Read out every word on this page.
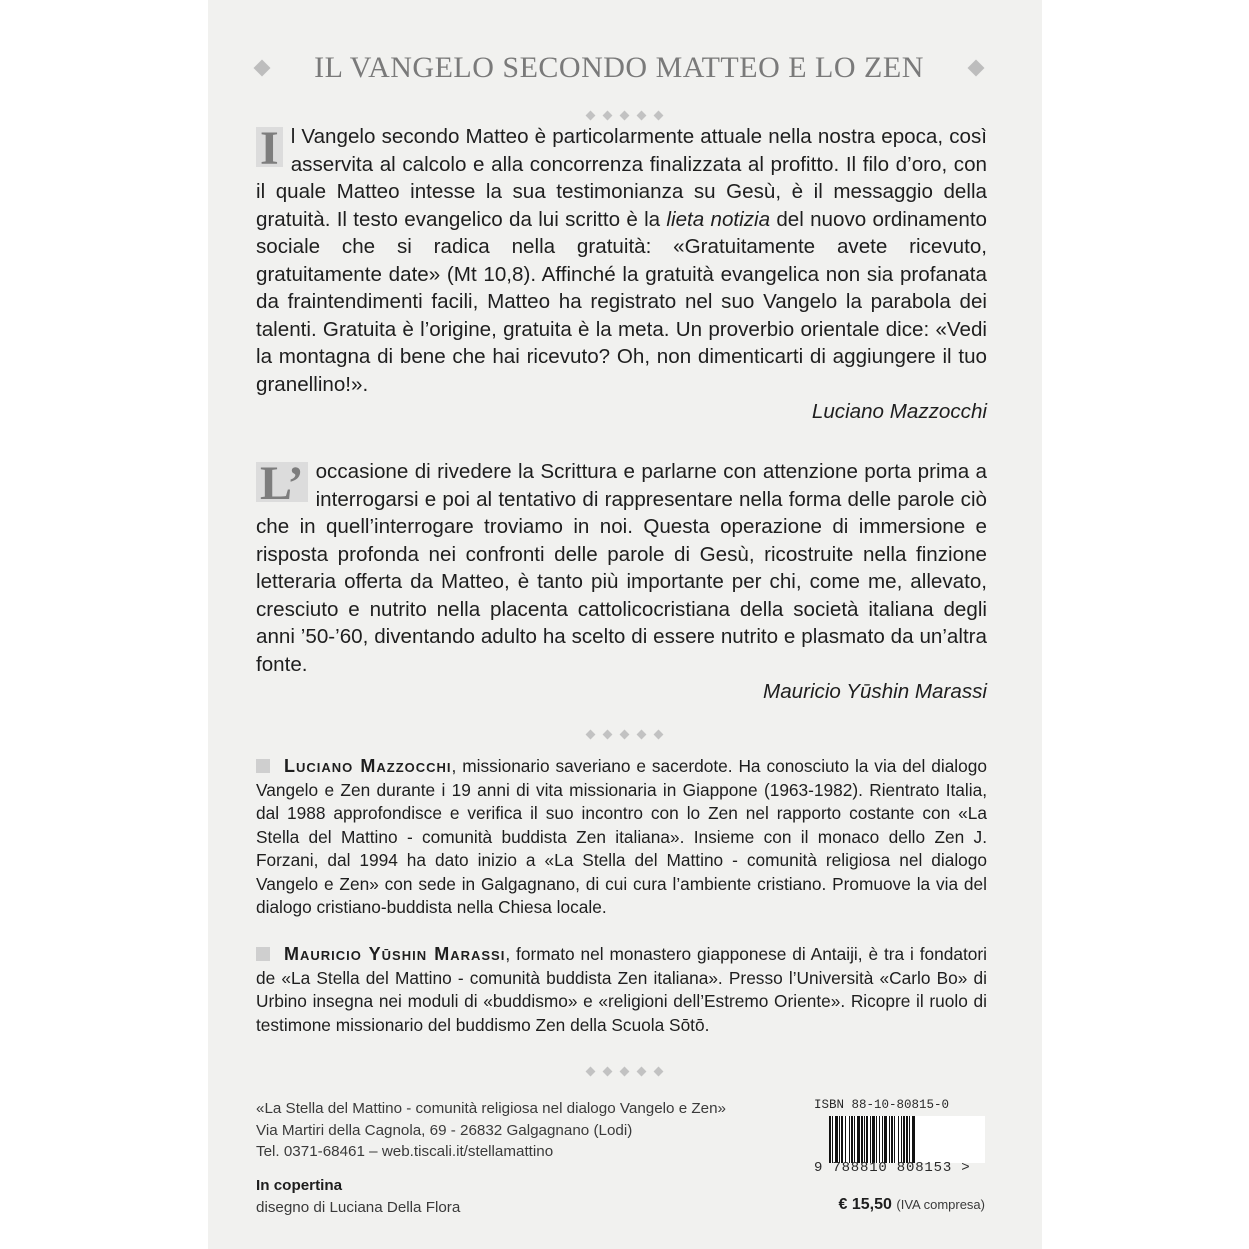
IL VANGELO SECONDO MATTEO E LO ZEN

I l Vangelo secondo Matteo è particolarmente attuale nella nostra epoca, così asservita al calcolo e alla concorrenza finalizzata al profitto. Il filo d’oro, con il quale Matteo intesse la sua testimonianza su Gesù, è il messaggio della gratuità. Il testo evangelico da lui scritto è la lieta notizia del nuovo ordinamento sociale che si radica nella gratuità: «Gratuitamente avete ricevuto, gratuitamente date» (Mt 10,8). Affinché la gratuità evangelica non sia profanata da fraintendimenti facili, Matteo ha registrato nel suo Vangelo la parabola dei talenti. Gratuita è l’origine, gratuita è la meta. Un proverbio orientale dice: «Vedi la montagna di bene che hai ricevuto? Oh, non dimenticarti di aggiungere il tuo granellino!».

Luciano Mazzocchi

L’ occasione di rivedere la Scrittura e parlarne con attenzione porta prima a interrogarsi e poi al tentativo di rappresentare nella forma delle parole ciò che in quell’interrogare troviamo in noi. Questa operazione di immersione e risposta profonda nei confronti delle parole di Gesù, ricostruite nella finzione letteraria offerta da Matteo, è tanto più importante per chi, come me, allevato, cresciuto e nutrito nella placenta cattolicocristiana della società italiana degli anni ’50-’60, diventando adulto ha scelto di essere nutrito e plasmato da un’altra fonte.

Mauricio Yūshin Marassi

Luciano Mazzocchi, missionario saveriano e sacerdote. Ha conosciuto la via del dialogo Vangelo e Zen durante i 19 anni di vita missionaria in Giappone (1963-1982). Rientrato Italia, dal 1988 approfondisce e verifica il suo incontro con lo Zen nel rapporto costante con «La Stella del Mattino - comunità buddista Zen italiana». Insieme con il monaco dello Zen J. Forzani, dal 1994 ha dato inizio a «La Stella del Mattino - comunità religiosa nel dialogo Vangelo e Zen» con sede in Galgagnano, di cui cura l’ambiente cristiano. Promuove la via del dialogo cristiano-buddista nella Chiesa locale.

Mauricio Yūshin Marassi, formato nel monastero giapponese di Antaiji, è tra i fondatori de «La Stella del Mattino - comunità buddista Zen italiana». Presso l’Università «Carlo Bo» di Urbino insegna nei moduli di «buddismo» e «religioni dell’Estremo Oriente». Ricopre il ruolo di testimone missionario del buddismo Zen della Scuola Sōtō.

«La Stella del Mattino - comunità religiosa nel dialogo Vangelo e Zen»
Via Martiri della Cagnola, 69 - 26832 Galgagnano (Lodi)
Tel. 0371-68461 – web.tiscali.it/stellamattino
In copertina
disegno di Luciana Della Flora
ISBN 88-10-80815-0
9 788810 808153 >
€ 15,50 (IVA compresa)
